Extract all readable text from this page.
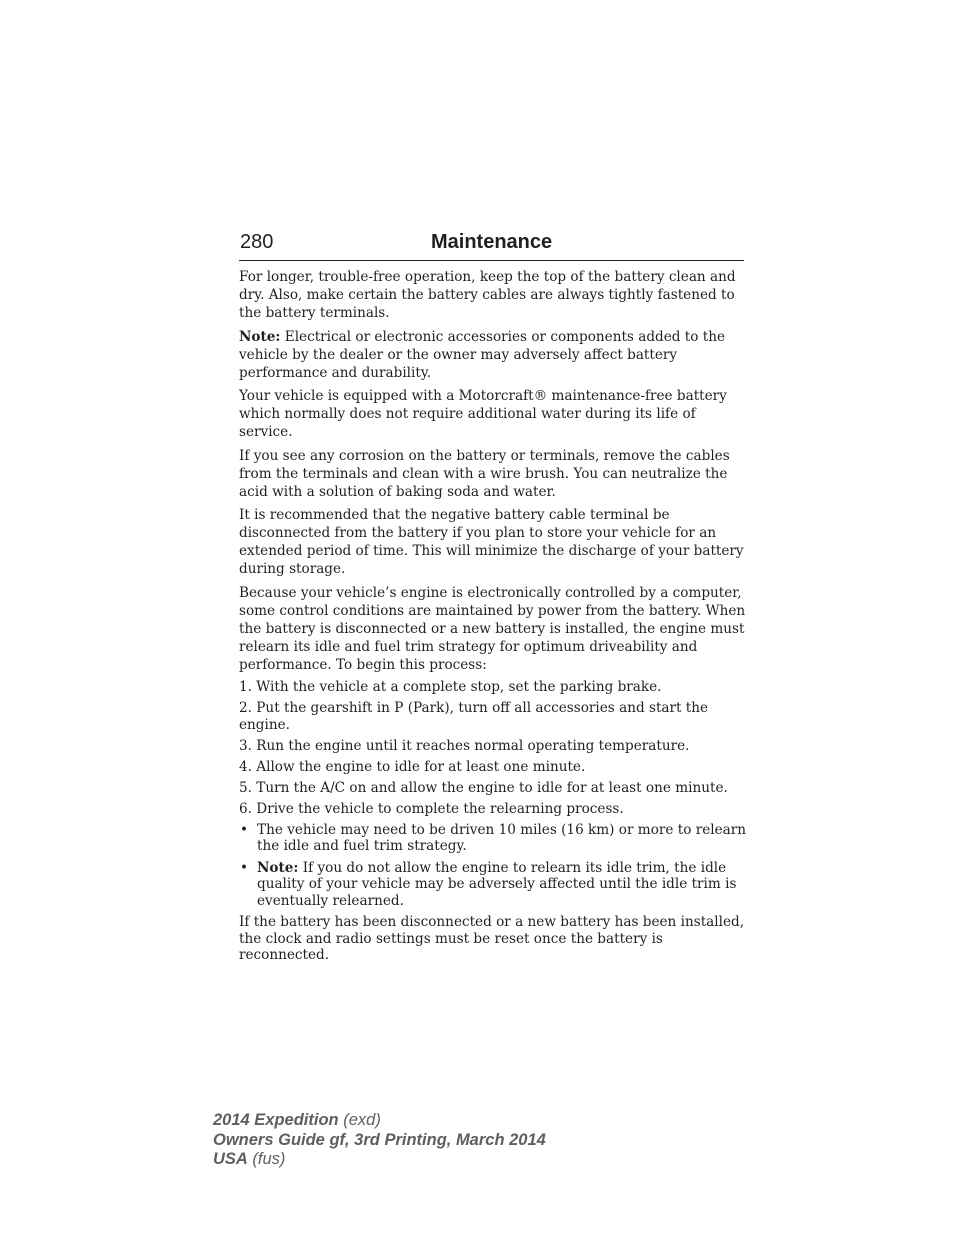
280	Maintenance

For longer, trouble-free operation, keep the top of the battery clean and dry. Also, make certain the battery cables are always tightly fastened to the battery terminals.

Note: Electrical or electronic accessories or components added to the vehicle by the dealer or the owner may adversely affect battery performance and durability.

Your vehicle is equipped with a Motorcraft® maintenance-free battery which normally does not require additional water during its life of service.

If you see any corrosion on the battery or terminals, remove the cables from the terminals and clean with a wire brush. You can neutralize the acid with a solution of baking soda and water.

It is recommended that the negative battery cable terminal be disconnected from the battery if you plan to store your vehicle for an extended period of time. This will minimize the discharge of your battery during storage.

Because your vehicle’s engine is electronically controlled by a computer, some control conditions are maintained by power from the battery. When the battery is disconnected or a new battery is installed, the engine must relearn its idle and fuel trim strategy for optimum driveability and performance. To begin this process:

1. With the vehicle at a complete stop, set the parking brake.

2. Put the gearshift in P (Park), turn off all accessories and start the engine.

3. Run the engine until it reaches normal operating temperature.

4. Allow the engine to idle for at least one minute.

5. Turn the A/C on and allow the engine to idle for at least one minute.

6. Drive the vehicle to complete the relearning process.

• The vehicle may need to be driven 10 miles (16 km) or more to relearn the idle and fuel trim strategy.
• Note: If you do not allow the engine to relearn its idle trim, the idle quality of your vehicle may be adversely affected until the idle trim is eventually relearned.

If the battery has been disconnected or a new battery has been installed, the clock and radio settings must be reset once the battery is reconnected.

2014 Expedition (exd)
Owners Guide gf, 3rd Printing, March 2014
USA (fus)
